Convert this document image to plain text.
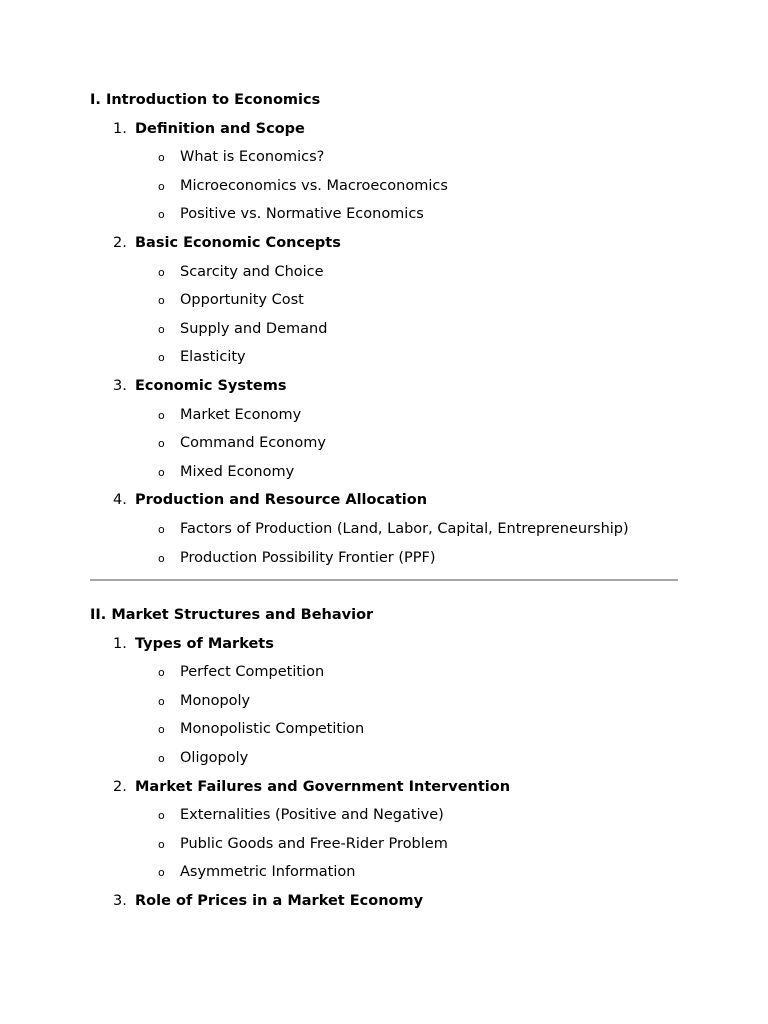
I. Introduction to Economics
1. Definition and Scope
o What is Economics?
o Microeconomics vs. Macroeconomics
o Positive vs. Normative Economics
2. Basic Economic Concepts
o Scarcity and Choice
o Opportunity Cost
o Supply and Demand
o Elasticity
3. Economic Systems
o Market Economy
o Command Economy
o Mixed Economy
4. Production and Resource Allocation
o Factors of Production (Land, Labor, Capital, Entrepreneurship)
o Production Possibility Frontier (PPF)
II. Market Structures and Behavior
1. Types of Markets
o Perfect Competition
o Monopoly
o Monopolistic Competition
o Oligopoly
2. Market Failures and Government Intervention
o Externalities (Positive and Negative)
o Public Goods and Free-Rider Problem
o Asymmetric Information
3. Role of Prices in a Market Economy
